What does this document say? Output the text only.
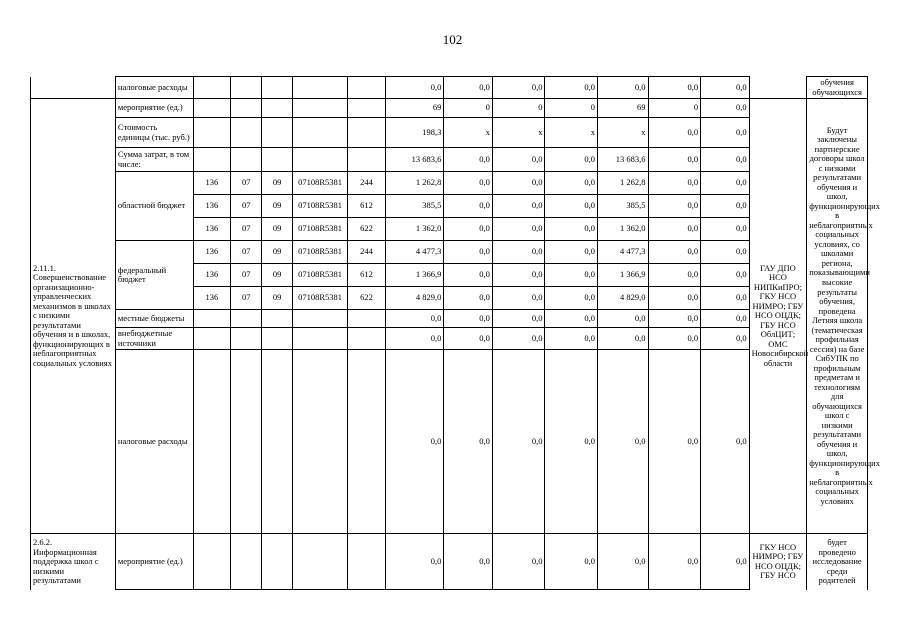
102
	налоговые расходы						0,0	0,0	0,0	0,0	0,0	0,0	0,0		обучения обучающихся
2.11.1. Совершенствование организационно-управленческих механизмов в школах с низкими результатами обучения и в школах, функционирующих в неблагоприятных социальных условиях	мероприятие (ед.)						69	0	0	0	69	0	0,0	ГАУ ДПО НСО НИПКиПРО; ГКУ НСО НИМРО; ГБУ НСО ОЦДК; ГБУ НСО ОблЦИТ; ОМС Новосибирской области	Будут заключены партнерские договоры школ с низкими результатами обучения и школ, функционирующих в неблагоприятных социальных условиях, со школами региона, показывающими высокие результаты обучения, проведена Летняя школа (тематическая профильная сессия) на базе СибУПК по профильным предметам и технологиям для обучающихся школ с низкими результатами обучения и школ, функционирующих в неблагоприятных социальных условиях
	Стоимость единицы (тыс. руб.)						198,3	x	x	x	x	0,0	0,0		
	Сумма затрат, в том числе:						13 683,6	0,0	0,0	0,0	13 683,6	0,0	0,0		
	областной бюджет	136	07	09	07108R5381	244	1 262,8	0,0	0,0	0,0	1 262,8	0,0	0,0		
		136	07	09	07108R5381	612	385,5	0,0	0,0	0,0	385,5	0,0	0,0		
		136	07	09	07108R5381	622	1 362,0	0,0	0,0	0,0	1 362,0	0,0	0,0		
	федеральный бюджет	136	07	09	07108R5381	244	4 477,3	0,0	0,0	0,0	4 477,3	0,0	0,0		
		136	07	09	07108R5381	612	1 366,9	0,0	0,0	0,0	1 366,9	0,0	0,0		
		136	07	09	07108R5381	622	4 829,0	0,0	0,0	0,0	4 829,0	0,0	0,0		
	местные бюджеты						0,0	0,0	0,0	0,0	0,0	0,0	0,0		
	внебюджетные источники						0,0	0,0	0,0	0,0	0,0	0,0	0,0		
	налоговые расходы						0,0	0,0	0,0	0,0	0,0	0,0	0,0		
2.6.2. Информационная поддержка школ с низкими результатами	мероприятие (ед.)						0,0	0,0	0,0	0,0	0,0	0,0	0,0	ГКУ НСО НИМРО; ГБУ НСО ОЦДК; ГБУ НСО	будет проведено исследование среди родителей
